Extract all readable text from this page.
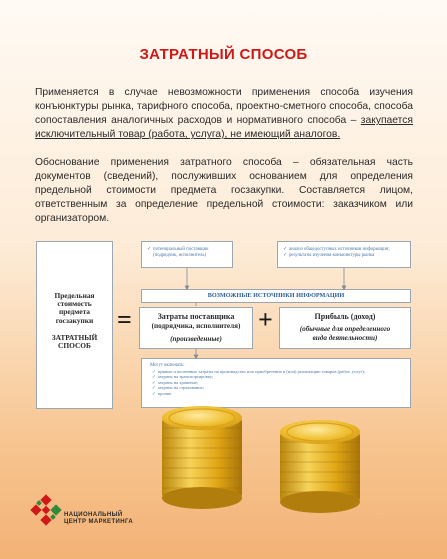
ЗАТРАТНЫЙ СПОСОБ

Применяется в случае невозможности применения способа изучения конъюнктуры рынка, тарифного способа, проектно-сметного способа, способа сопоставления аналогичных расходов и нормативного способа – закупается исключительный товар (работа, услуга), не имеющий аналогов.

Обоснование применения затратного способа – обязательная часть документов (сведений), послуживших основанием для определения предельной стоимости предмета госзакупки. Составляется лицом, ответственным за определение предельной стоимости: заказчиком или организатором.

Предельная
стоимость
предмета
госзакупки
ЗАТРАТНЫЙ
СПОСОБ
=	+
✓ потенциальный поставщик (подрядчик, исполнитель)
✓ анализ общедоступных источников информации;
✓ результаты изучения конъюнктуры рынка
ВОЗМОЖНЫЕ ИСТОЧНИКИ ИНФОРМАЦИИ
Затраты поставщика
(подрядчика, исполнителя)
(произведенные)
Прибыль (доход)
(обычные для определенного
вида деятельности)
Могут включать:
✓ прямые и косвенные затраты на производство или приобретение и (или) реализацию товаров (работ, услуг);
✓ затраты на транспортировку;
✓ затраты на хранение;
✓ затраты на страхование;
✓ прочие.
НАЦИОНАЛЬНЫЙ
ЦЕНТР МАРКЕТИНГА
